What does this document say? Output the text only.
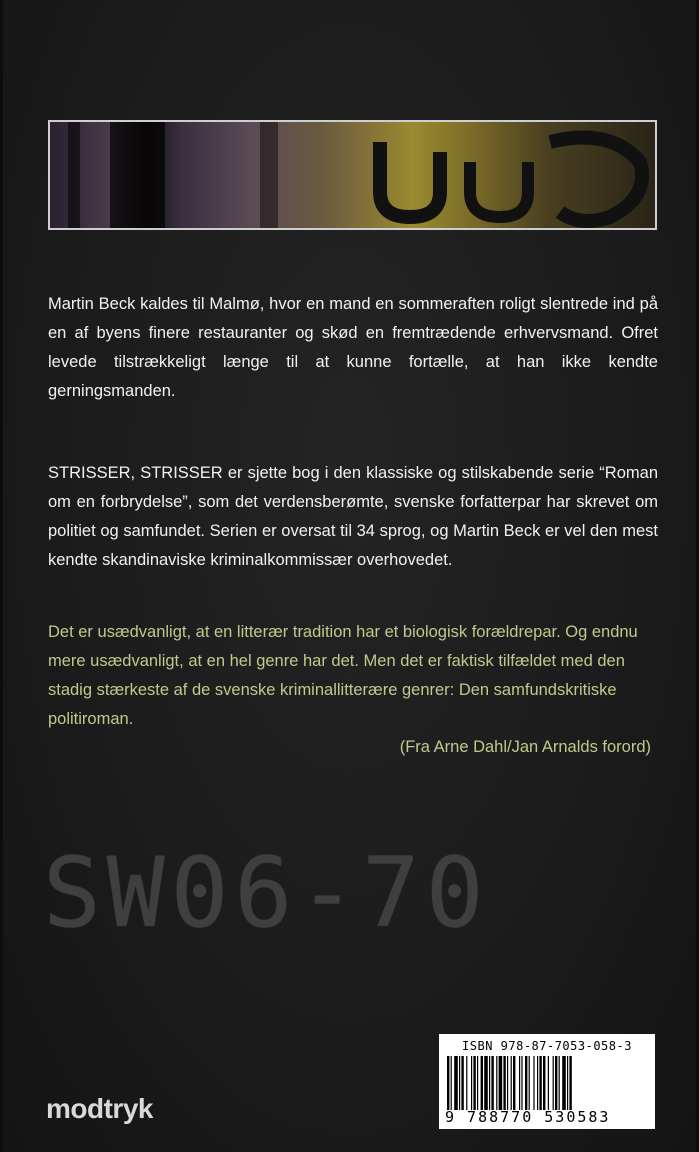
Martin Beck kaldes til Malmø, hvor en mand en sommeraften roligt slentrede ind på en af byens finere restauranter og skød en fremtrædende erhvervsmand. Ofret levede tilstrækkeligt længe til at kunne fortælle, at han ikke kendte gerningsmanden.

STRISSER, STRISSER er sjette bog i den klassiske og stilskabende serie “Roman om en forbrydelse”, som det verdensberømte, svenske forfatterpar har skrevet om politiet og samfundet. Serien er oversat til 34 sprog, og Martin Beck er vel den mest kendte skandinaviske kriminalkommissær overhovedet.

Det er usædvanligt, at en litterær tradition har et biologisk forældrepar. Og endnu mere usædvanligt, at en hel genre har det. Men det er faktisk tilfældet med den stadig stærkeste af de svenske kriminallitterære genrer: Den samfundskritiske politiroman.

(Fra Arne Dahl/Jan Arnalds forord)

SW06-70

ISBN 978-87-7053-058-3

9 788770 530583

modtryk
